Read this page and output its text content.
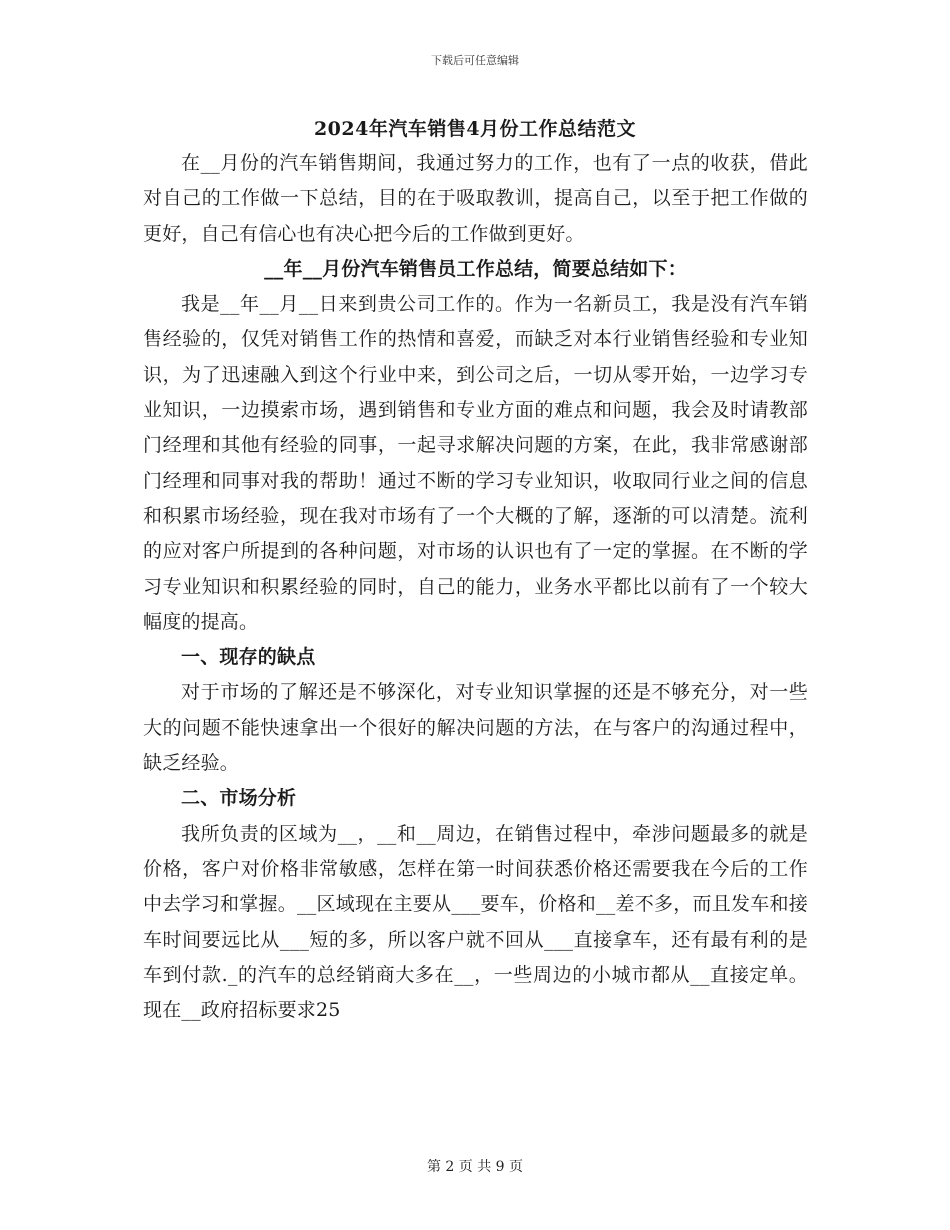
下载后可任意编辑
2024年汽车销售4月份工作总结范文

在__月份的汽车销售期间，我通过努力的工作，也有了一点的收获，借此对自己的工作做一下总结，目的在于吸取教训，提高自己，以至于把工作做的更好，自己有信心也有决心把今后的工作做到更好。

__年__月份汽车销售员工作总结，简要总结如下：

我是__年__月__日来到贵公司工作的。作为一名新员工，我是没有汽车销售经验的，仅凭对销售工作的热情和喜爱，而缺乏对本行业销售经验和专业知识，为了迅速融入到这个行业中来，到公司之后，一切从零开始，一边学习专业知识，一边摸索市场，遇到销售和专业方面的难点和问题，我会及时请教部门经理和其他有经验的同事，一起寻求解决问题的方案，在此，我非常感谢部门经理和同事对我的帮助！通过不断的学习专业知识，收取同行业之间的信息和积累市场经验，现在我对市场有了一个大概的了解，逐渐的可以清楚。流利的应对客户所提到的各种问题，对市场的认识也有了一定的掌握。在不断的学习专业知识和积累经验的同时，自己的能力，业务水平都比以前有了一个较大幅度的提高。

一、现存的缺点

对于市场的了解还是不够深化，对专业知识掌握的还是不够充分，对一些大的问题不能快速拿出一个很好的解决问题的方法，在与客户的沟通过程中，缺乏经验。

二、市场分析

我所负责的区域为__，__和__周边，在销售过程中，牵涉问题最多的就是价格，客户对价格非常敏感，怎样在第一时间获悉价格还需要我在今后的工作中去学习和掌握。__区域现在主要从___要车，价格和__差不多，而且发车和接车时间要远比从___短的多，所以客户就不回从___直接拿车，还有最有利的是车到付款._的汽车的总经销商大多在__，一些周边的小城市都从__直接定单。现在__政府招标要求25

第 2 页 共 9 页
